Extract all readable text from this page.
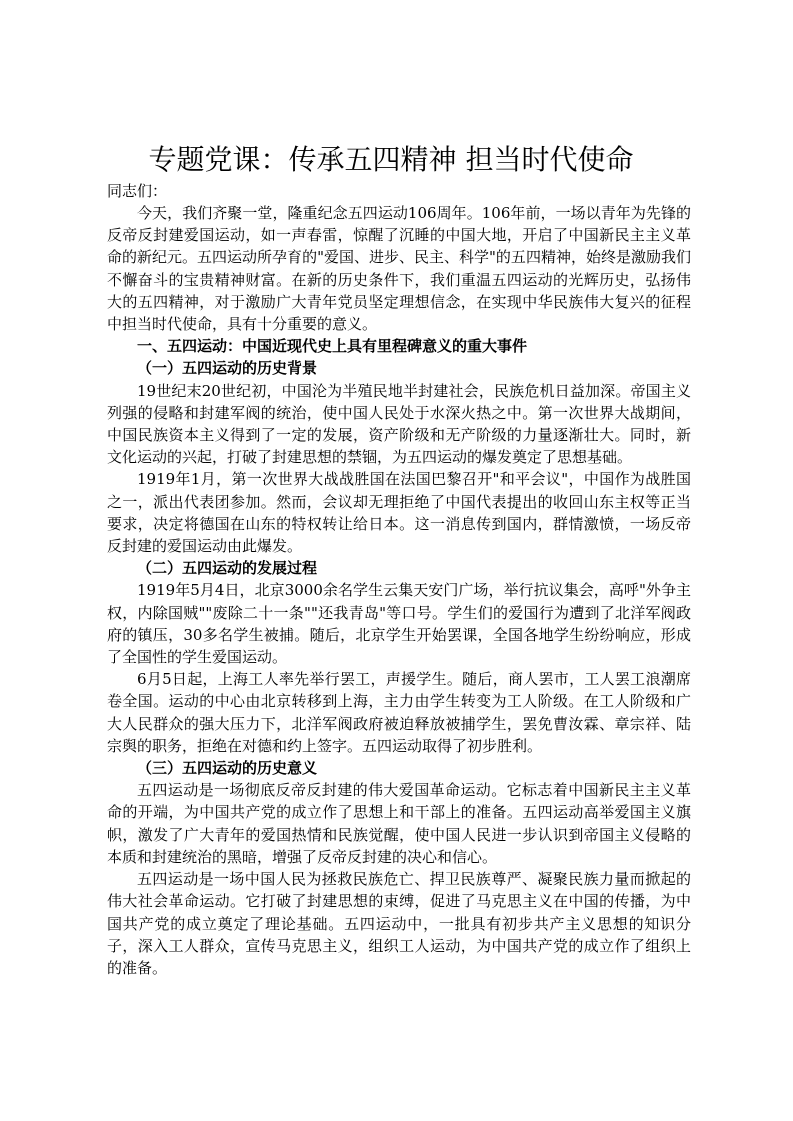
专题党课：传承五四精神 担当时代使命
同志们：

今天，我们齐聚一堂，隆重纪念五四运动106周年。106年前，一场以青年为先锋的反帝反封建爱国运动，如一声春雷，惊醒了沉睡的中国大地，开启了中国新民主主义革命的新纪元。五四运动所孕育的"爱国、进步、民主、科学"的五四精神，始终是激励我们不懈奋斗的宝贵精神财富。在新的历史条件下，我们重温五四运动的光辉历史，弘扬伟大的五四精神，对于激励广大青年党员坚定理想信念，在实现中华民族伟大复兴的征程中担当时代使命，具有十分重要的意义。

一、五四运动：中国近现代史上具有里程碑意义的重大事件
（一）五四运动的历史背景

19世纪末20世纪初，中国沦为半殖民地半封建社会，民族危机日益加深。帝国主义列强的侵略和封建军阀的统治，使中国人民处于水深火热之中。第一次世界大战期间，中国民族资本主义得到了一定的发展，资产阶级和无产阶级的力量逐渐壮大。同时，新文化运动的兴起，打破了封建思想的禁锢，为五四运动的爆发奠定了思想基础。

1919年1月，第一次世界大战战胜国在法国巴黎召开"和平会议"，中国作为战胜国之一，派出代表团参加。然而，会议却无理拒绝了中国代表提出的收回山东主权等正当要求，决定将德国在山东的特权转让给日本。这一消息传到国内，群情激愤，一场反帝反封建的爱国运动由此爆发。

（二）五四运动的发展过程

1919年5月4日，北京3000余名学生云集天安门广场，举行抗议集会，高呼"外争主权，内除国贼""废除二十一条""还我青岛"等口号。学生们的爱国行为遭到了北洋军阀政府的镇压，30多名学生被捕。随后，北京学生开始罢课，全国各地学生纷纷响应，形成了全国性的学生爱国运动。

6月5日起，上海工人率先举行罢工，声援学生。随后，商人罢市，工人罢工浪潮席卷全国。运动的中心由北京转移到上海，主力由学生转变为工人阶级。在工人阶级和广大人民群众的强大压力下，北洋军阀政府被迫释放被捕学生，罢免曹汝霖、章宗祥、陆宗舆的职务，拒绝在对德和约上签字。五四运动取得了初步胜利。

（三）五四运动的历史意义

五四运动是一场彻底反帝反封建的伟大爱国革命运动。它标志着中国新民主主义革命的开端，为中国共产党的成立作了思想上和干部上的准备。五四运动高举爱国主义旗帜，激发了广大青年的爱国热情和民族觉醒，使中国人民进一步认识到帝国主义侵略的本质和封建统治的黑暗，增强了反帝反封建的决心和信心。

五四运动是一场中国人民为拯救民族危亡、捍卫民族尊严、凝聚民族力量而掀起的伟大社会革命运动。它打破了封建思想的束缚，促进了马克思主义在中国的传播，为中国共产党的成立奠定了理论基础。五四运动中，一批具有初步共产主义思想的知识分子，深入工人群众，宣传马克思主义，组织工人运动，为中国共产党的成立作了组织上的准备。
